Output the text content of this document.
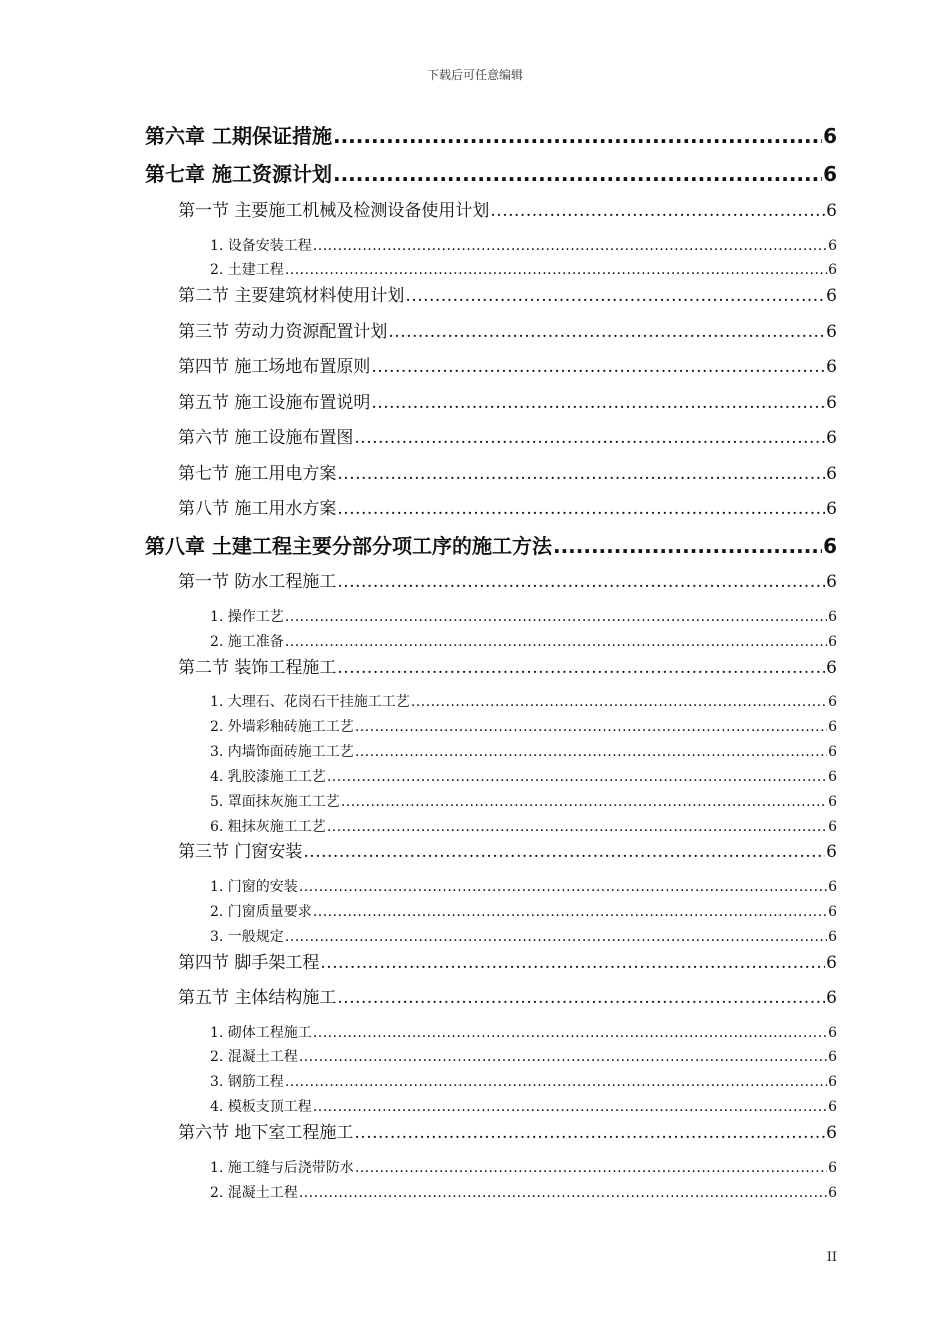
下载后可任意编辑
第六章 工期保证措施 .....	6
第七章 施工资源计划 .....	6
第一节 主要施工机械及检测设备使用计划 .....	6
1. 设备安装工程 .....	6
2. 土建工程 .....	6
第二节 主要建筑材料使用计划 .....	6
第三节 劳动力资源配置计划 .....	6
第四节 施工场地布置原则 .....	6
第五节 施工设施布置说明 .....	6
第六节 施工设施布置图 .....	6
第七节 施工用电方案 .....	6
第八节 施工用水方案 .....	6
第八章 土建工程主要分部分项工序的施工方法 .....	6
第一节 防水工程施工 .....	6
1. 操作工艺 .....	6
2. 施工准备 .....	6
第二节 装饰工程施工 .....	6
1. 大理石、花岗石干挂施工工艺 .....	6
2. 外墙彩釉砖施工工艺 .....	6
3. 内墙饰面砖施工工艺 .....	6
4. 乳胶漆施工工艺 .....	6
5. 罩面抹灰施工工艺 .....	6
6. 粗抹灰施工工艺 .....	6
第三节 门窗安装 .....	6
1. 门窗的安装 .....	6
2. 门窗质量要求 .....	6
3. 一般规定 .....	6
第四节 脚手架工程 .....	6
第五节 主体结构施工 .....	6
1. 砌体工程施工 .....	6
2. 混凝土工程 .....	6
3. 钢筋工程 .....	6
4. 模板支顶工程 .....	6
第六节 地下室工程施工 .....	6
1. 施工缝与后浇带防水 .....	6
2. 混凝土工程 .....	6
II
